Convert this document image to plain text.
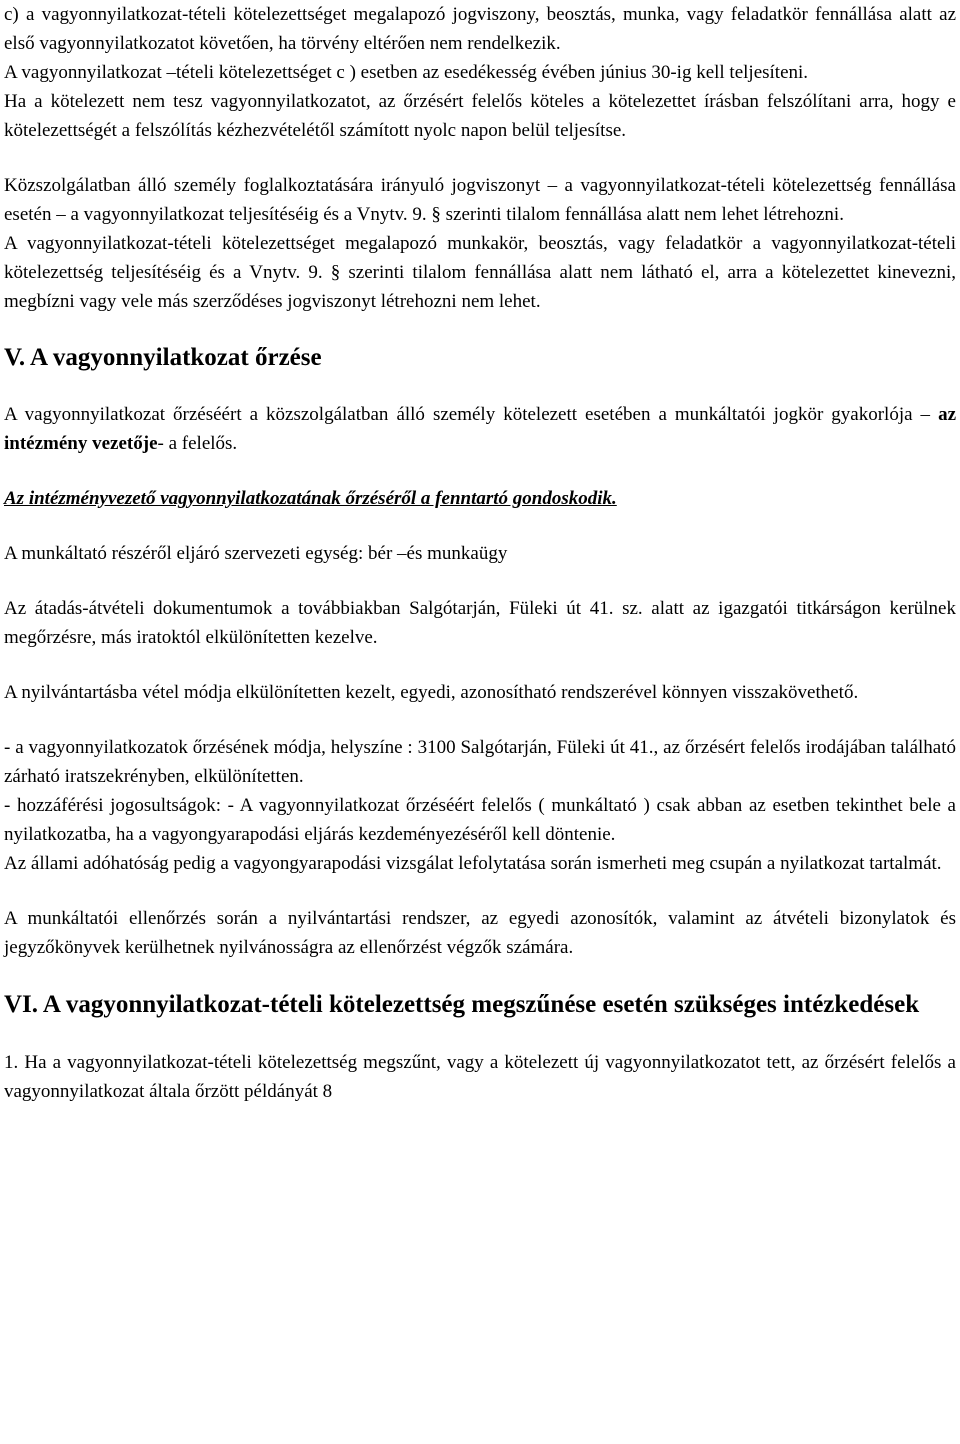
c) a vagyonnyilatkozat-tételi kötelezettséget megalapozó jogviszony, beosztás, munka, vagy feladatkör fennállása alatt az első vagyonnyilatkozatot követően, ha törvény eltérően nem rendelkezik.

A vagyonnyilatkozat –tételi kötelezettséget c ) esetben az esedékesség évében június 30-ig kell teljesíteni.

Ha a kötelezett nem tesz vagyonnyilatkozatot, az őrzésért felelős köteles a kötelezettet írásban felszólítani arra, hogy e kötelezettségét a felszólítás kézhezvételétől számított nyolc napon belül teljesítse.

Közszolgálatban álló személy foglalkoztatására irányuló jogviszonyt – a vagyonnyilatkozat-tételi kötelezettség fennállása esetén – a vagyonnyilatkozat teljesítéséig és a Vnytv. 9. § szerinti tilalom fennállása alatt nem lehet létrehozni.

A vagyonnyilatkozat-tételi kötelezettséget megalapozó munkakör, beosztás, vagy feladatkör a vagyonnyilatkozat-tételi kötelezettség teljesítéséig és a Vnytv. 9. § szerinti tilalom fennállása alatt nem látható el, arra a kötelezettet kinevezni, megbízni vagy vele más szerződéses jogviszonyt létrehozni nem lehet.

V. A vagyonnyilatkozat őrzése

A vagyonnyilatkozat őrzéséért a közszolgálatban álló személy kötelezett esetében a munkáltatói jogkör gyakorlója – az intézmény vezetője- a felelős.

Az intézményvezető vagyonnyilatkozatának őrzéséről a fenntartó gondoskodik.

A munkáltató részéről eljáró szervezeti egység: bér –és munkaügy

Az átadás-átvételi dokumentumok a továbbiakban Salgótarján, Füleki út 41. sz. alatt az igazgatói titkárságon kerülnek megőrzésre, más iratoktól elkülönítetten kezelve.

A nyilvántartásba vétel módja elkülönítetten kezelt, egyedi, azonosítható rendszerével könnyen visszakövethető.

- a vagyonnyilatkozatok őrzésének módja, helyszíne : 3100 Salgótarján, Füleki út 41., az őrzésért felelős irodájában található zárható iratszekrényben, elkülönítetten.

- hozzáférési jogosultságok: - A vagyonnyilatkozat őrzéséért felelős ( munkáltató ) csak abban az esetben tekinthet bele a nyilatkozatba, ha a vagyongyarapodási eljárás kezdeményezéséről kell döntenie.

Az állami adóhatóság pedig a vagyongyarapodási vizsgálat lefolytatása során ismerheti meg csupán a nyilatkozat tartalmát.

A munkáltatói ellenőrzés során a nyilvántartási rendszer, az egyedi azonosítók, valamint az átvételi bizonylatok és jegyzőkönyvek kerülhetnek nyilvánosságra az ellenőrzést végzők számára.

VI. A vagyonnyilatkozat-tételi kötelezettség megszűnése esetén szükséges intézkedések

1. Ha a vagyonnyilatkozat-tételi kötelezettség megszűnt, vagy a kötelezett új vagyonnyilatkozatot tett, az őrzésért felelős a vagyonnyilatkozat általa őrzött példányát 8
